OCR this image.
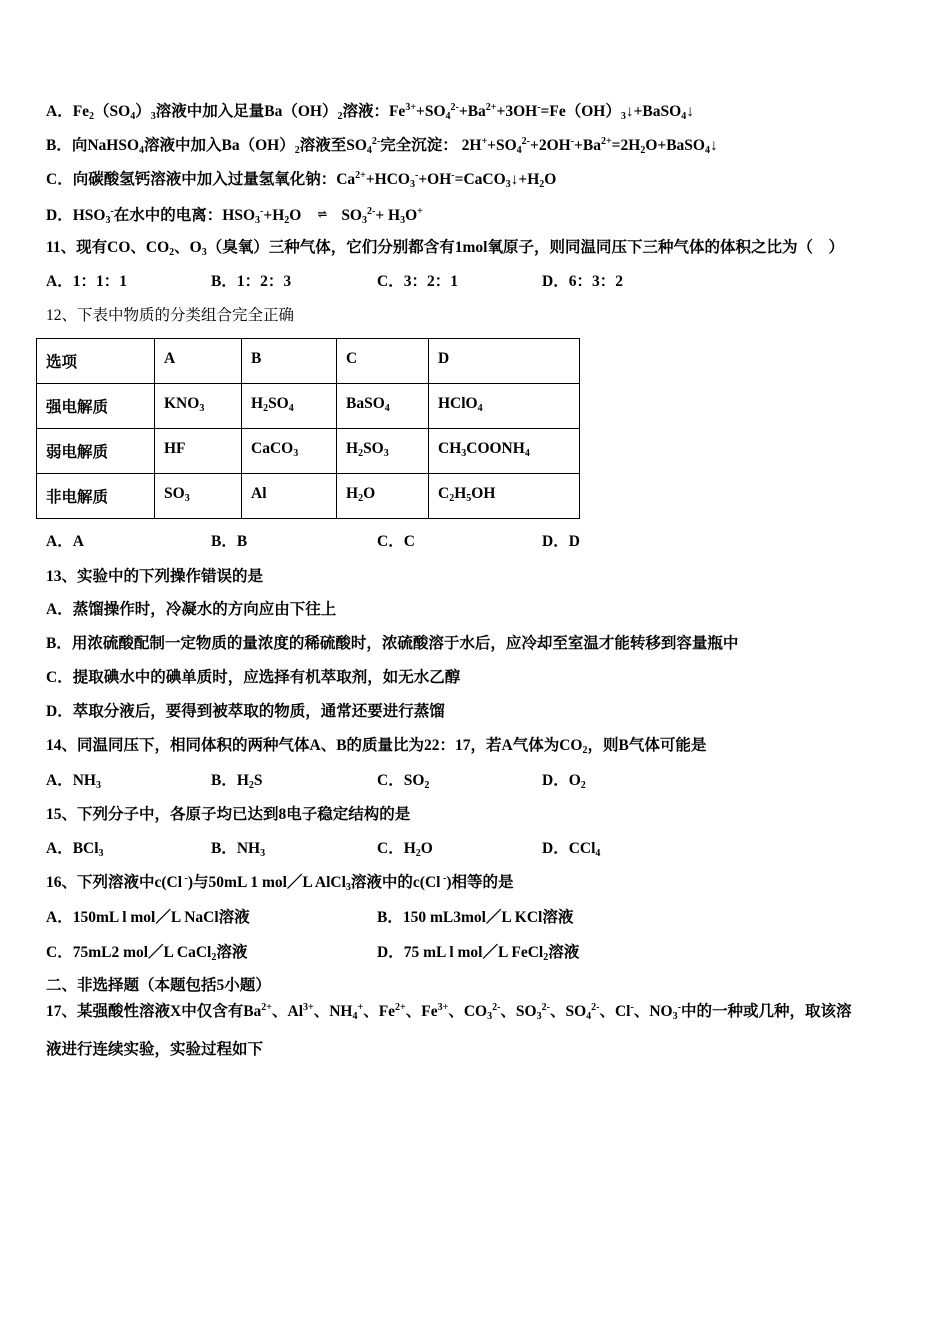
A．$Fe_2(SO_4)_3$溶液中加入足量$Ba(OH)_2$溶液：$Fe^{3+}+SO_4^{2-}+Ba^{2+}+3OH^-=Fe(OH)_3↓+BaSO_4↓$
B．向NaHSO$_4$溶液中加入$Ba(OH)_2$溶液至$SO_4^{2-}$完全沉淀： $2H^++SO_4^{2-}+2OH^-+Ba^{2+}=2H_2O+BaSO_4↓$
C．向碳酸氢钙溶液中加入过量氢氧化钠：$Ca^{2+}+HCO_3^-+OH^-=CaCO_3↓+H_2O$
D．$HSO_3^-$在水中的电离：$HSO_3^-+H_2O$ ⇌ $SO_3^{2-}+ H_3O^+$
11、现有CO、$CO_2$、$O_3$（臭氧）三种气体，它们分别都含有1mol氧原子，则同温同压下三种气体的体积之比为（　）
A．1：1：1	B．1：2：3	C．3：2：1	D．6：3：2
12、下表中物质的分类组合完全正确
选项	A	B	C	D
强电解质	$KNO_3$	$H_2SO_4$	BaSO$_4$	HClO$_4$
弱电解质	HF	CaCO$_3$	$H_2SO_3$	$CH_3COONH_4$
非电解质	$SO_3$	Al	$H_2O$	$C_2H_5OH$
A．A	B．B	C．C	D．D
13、实验中的下列操作错误的是
A．蒸馏操作时，冷凝水的方向应由下往上
B．用浓硫酸配制一定物质的量浓度的稀硫酸时，浓硫酸溶于水后，应冷却至室温才能转移到容量瓶中
C．提取碘水中的碘单质时，应选择有机萃取剂，如无水乙醇
D．萃取分液后，要得到被萃取的物质，通常还要进行蒸馏
14、同温同压下，相同体积的两种气体A、B的质量比为22：17，若A气体为$CO_2$，则B气体可能是
A．$NH_3$	B．$H_2S$	C．$SO_2$	D．$O_2$
15、下列分子中，各原子均已达到8电子稳定结构的是
A．BCl$_3$	B．$NH_3$	C．$H_2O$	D．CCl$_4$
16、下列溶液中c(Cl -)与50mL 1 mol／L AlCl$_3$溶液中的c(Cl -)相等的是
A．150mL l mol／L NaCl溶液	B．150 mL3mol／L KCl溶液
C．75mL2 mol／L CaCl$_2$溶液	D．75 mL l mol／L FeCl$_2$溶液
二、非选择题（本题包括5小题）
17、某强酸性溶液X中仅含有$Ba^{2+}$、$Al^{3+}$、$NH_4^+$、$Fe^{2+}$、$Fe^{3+}$、$CO_3^{2-}$、$SO_3^{2-}$、$SO_4^{2-}$、Cl-、$NO_3^-$中的一种或几种，取该溶
液进行连续实验，实验过程如下
